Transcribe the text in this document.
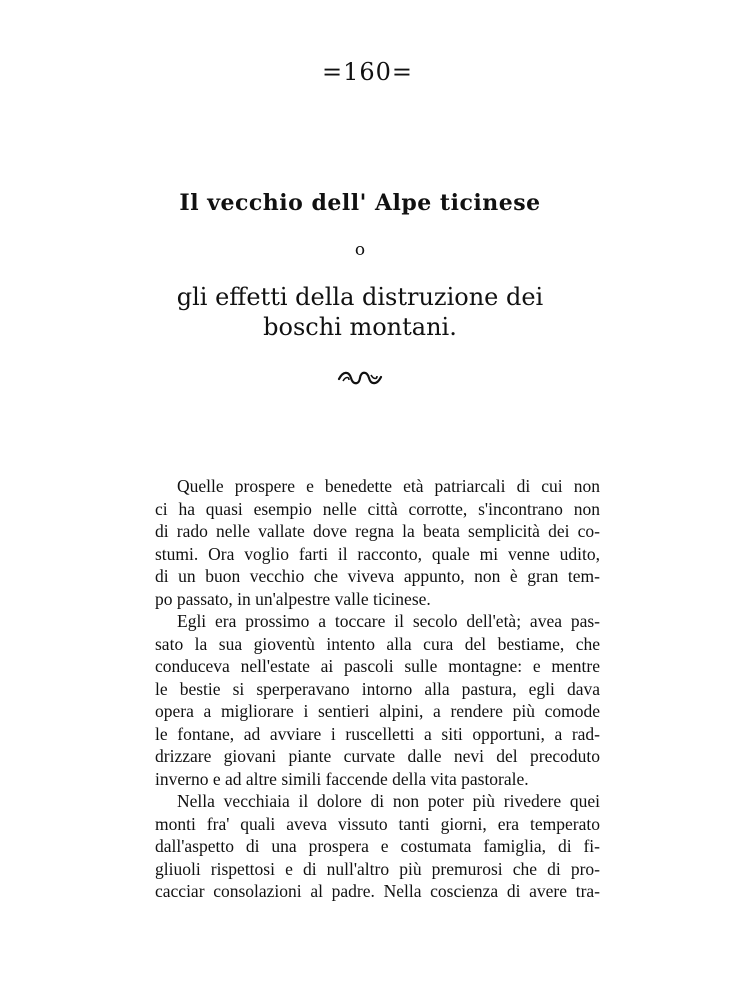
=160=
Il vecchio dell' Alpe ticinese
o
gli effetti della distruzione dei boschi montani.
Quelle prospere e benedette età patriarcali di cui non
ci ha quasi esempio nelle città corrotte, s'incontrano non
di rado nelle vallate dove regna la beata semplicità dei co-
stumi. Ora voglio farti il racconto, quale mi venne udito,
di un buon vecchio che viveva appunto, non è gran tem-
po passato, in un'alpestre valle ticinese.
Egli era prossimo a toccare il secolo dell'età; avea pas-
sato la sua gioventù intento alla cura del bestiame, che
conduceva nell'estate ai pascoli sulle montagne: e mentre
le bestie si sperperavano intorno alla pastura, egli dava
opera a migliorare i sentieri alpini, a rendere più comode
le fontane, ad avviare i ruscelletti a siti opportuni, a rad-
drizzare giovani piante curvate dalle nevi del precoduto
inverno e ad altre simili faccende della vita pastorale.
Nella vecchiaia il dolore di non poter più rivedere quei
monti fra' quali aveva vissuto tanti giorni, era temperato
dall'aspetto di una prospera e costumata famiglia, di fi-
gliuoli rispettosi e di null'altro più premurosi che di pro-
cacciar consolazioni al padre. Nella coscienza di avere tra-
